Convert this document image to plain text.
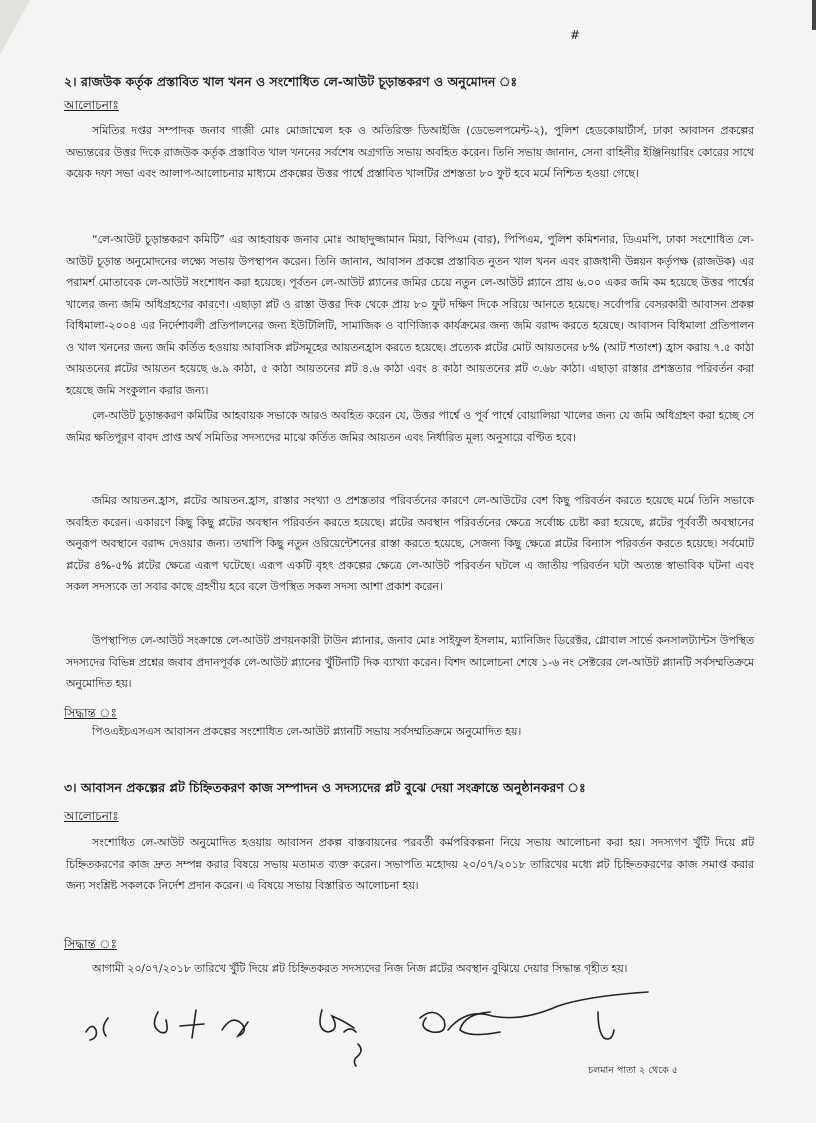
#
২। রাজউক কর্তৃক প্রস্তাবিত খাল খনন ও সংশোধিত লে-আউট চূড়ান্তকরণ ও অনুমোদন ঃ
আলোচনাঃ

সমিতির দপ্তর সম্পাদক জনাব গাজী মোঃ মোজাম্মেল হক ও অতিরিক্ত ডিআইজি (ডেভেলপমেন্ট-২), পুলিশ হেডকোয়ার্টার্স, ঢাকা আবাসন প্রকল্পের অভ্যন্তরের উত্তর দিকে রাজউক কর্তৃক প্রস্তাবিত খাল খননের সর্বশেষ অগ্রগতি সভায় অবহিত করেন। তিনি সভায় জানান, সেনা বাহিনীর ইঞ্জিনিয়ারিং কোরের সাথে কয়েক দফা সভা এবং আলাপ-আলোচনার মাধ্যমে প্রকল্পের উত্তর পার্শ্বে প্রস্তাবিত খালটির প্রশস্ততা ৮০ ফুট হবে মর্মে নিশ্চিত হওয়া গেছে।

“লে-আউট চূড়ান্তকরণ কমিটি” এর আহবায়ক জনাব মোঃ আছাদুজ্জামান মিয়া, বিপিএম (বার), পিপিএম, পুলিশ কমিশনার, ডিএমপি, ঢাকা সংশোধিত লে-আউট চূড়ান্ত অনুমোদনের লক্ষ্যে সভায় উপস্থাপন করেন। তিনি জানান, আবাসন প্রকল্পে প্রস্তাবিত নুতন খাল খনন এবং রাজধানী উন্নয়ন কর্তৃপক্ষ (রাজউক) এর পরামর্শ মোতাবেক লে-আউট সংশোধন করা হয়েছে। পূর্বতন লে-আউট প্ল্যানের জমির চেয়ে নতুন লে-আউট প্ল্যানে প্রায় ৬.০০ একর জমি কম হয়েছে উত্তর পার্শ্বের খালের জন্য জমি অধিগ্রহণের কারণে। এছাড়া প্লট ও রাস্তা উত্তর দিক থেকে প্রায় ৮০ ফুট দক্ষিণ দিকে সরিয়ে আনতে হয়েছে। সর্বোপরি বেসরকারী আবাসন প্রকল্প বিধিমালা-২০০৪ এর নির্দেশাবলী প্রতিপালনের জন্য ইউটিলিটি, সামাজিক ও বাণিজ্যিক কার্যক্রমের জন্য জমি বরাদ্দ করতে হয়েছে। আবাসন বিধিমালা প্রতিপালন ও খাল খননের জন্য জমি কর্তিত হওয়ায় আবাসিক প্লটসমূহের আয়তনহ্রাস করতে হয়েছে। প্রত্যেক প্লটের মোট আয়তনের ৮% (আট শতাংশ) হ্রাস করায় ৭.৫ কাঠা আয়তনের প্লটের আয়তন হয়েছে ৬.৯ কাঠা, ৫ কাঠা আয়তনের প্লট ৪.৬ কাঠা এবং ৪ কাঠা আয়তনের প্লট ৩.৬৮ কাঠা। এছাড়া রাস্তার প্রশস্ততার পরিবর্তন করা হয়েছে জমি সংকুলান করার জন্য।

লে-আউট চূড়ান্তকরণ কমিটির আহবায়ক সভাকে আরও অবহিত করেন যে, উত্তর পার্শ্বে ও পূর্ব পার্শ্বে বোয়ালিয়া খালের জন্য যে জমি অধিগ্রহণ করা হচ্ছে সে জমির ক্ষতিপূরণ বাবদ প্রাপ্ত অর্থ সমিতির সদস্যদের মাঝে কর্তিত জমির আয়তন এবং নির্ধারিত মূল্য অনুসারে বণ্টিত হবে।

জমির আয়তন.হ্রাস, প্লটের আয়তন.হ্রাস, রাস্তার সংখ্যা ও প্রশস্ততার পরিবর্তনের কারণে লে-আউটের বেশ কিছু পরিবর্তন করতে হয়েছে মর্মে তিনি সভাকে অবহিত করেন। একারণে কিছু কিছু প্লটের অবস্থান পরিবর্তন করতে হয়েছে। প্লটের অবস্থান পরিবর্তনের ক্ষেত্রে সর্বোচ্চ চেষ্টা করা হয়েছে, প্লটের পূর্ববর্তী অবস্থানের অনুরূপ অবস্থানে বরাদ্দ দেওয়ার জন্য। তথাপি কিছু নতুন ওরিয়েন্টেশনের রাস্তা করতে হয়েছে, সেজন্য কিছু ক্ষেত্রে প্লটের বিন্যাস পরিবর্তন করতে হয়েছে। সর্বমোট প্লটের ৪%-৫% প্লটের ক্ষেত্রে এরূপ ঘটেছে। এরূপ একটি বৃহৎ প্রকল্পের ক্ষেত্রে লে-আউট পরিবর্তন ঘটলে এ জাতীয় পরিবর্তন ঘটা অত্যন্ত স্বাভাবিক ঘটনা এবং সকল সদস্যকে তা সবার কাছে গ্রহণীয় হবে বলে উপস্থিত সকল সদস্য আশা প্রকাশ করেন।

উপস্থাপিত লে-আউট সংক্রান্তে লে-আউট প্রণয়নকারী টাউন প্ল্যানার, জনাব মোঃ সাইফুল ইসলাম, ম্যানিজিং ডিরেক্টর, গ্লোবাল সার্ভে কনসালট্যান্টস উপস্থিত সদস্যদের বিভিন্ন প্রশ্নের জবাব প্রদানপূর্বক লে-আউট প্ল্যানের খুঁটিনাটি দিক ব্যাখ্যা করেন। বিশদ আলোচনা শেষে ১-৬ নং সেক্টরের লে-আউট প্ল্যানটি সর্বসম্মতিক্রমে অনুমোদিত হয়।

সিদ্ধান্ত ঃ

পিওএইচএসএস আবাসন প্রকল্পের সংশোধিত লে-আউট প্ল্যানটি সভায় সর্বসম্মতিক্রমে অনুমোদিত হয়।

৩। আবাসন প্রকল্পের প্লট চিহ্নিতকরণ কাজ সম্পাদন ও সদস্যদের প্লট বুঝে দেয়া সংক্রান্তে অনুষ্ঠানকরণ ঃ
আলোচনাঃ

সংশোধিত লে-আউট অনুমোদিত হওয়ায় আবাসন প্রকল্প বাস্তবায়নের পরবর্তী কর্মপরিকল্পনা নিয়ে সভায় আলোচনা করা হয়। সদস্যগণ খুঁটি দিয়ে প্লট চিহ্নিতকরণের কাজ দ্রুত সম্পন্ন করার বিষয়ে সভায় মতামত ব্যক্ত করেন। সভাপতি মহোদয় ২০/০৭/২০১৮ তারিখের মধ্যে প্লট চিহ্নিতকরণের কাজ সমাপ্ত করার জন্য সংশ্লিষ্ট সকলকে নির্দেশ প্রদান করেন। এ বিষয়ে সভায় বিস্তারিত আলোচনা হয়।

সিদ্ধান্ত ঃ

আগামী ২০/০৭/২০১৮ তারিখে খুঁটি দিয়ে প্লট চিহ্নিতকরত সদস্যদের নিজ নিজ প্লটের অবস্থান বুঝিয়ে দেয়ার সিদ্ধান্ত গৃহীত হয়।

চলমান পাতা ২ থেকে ৫
